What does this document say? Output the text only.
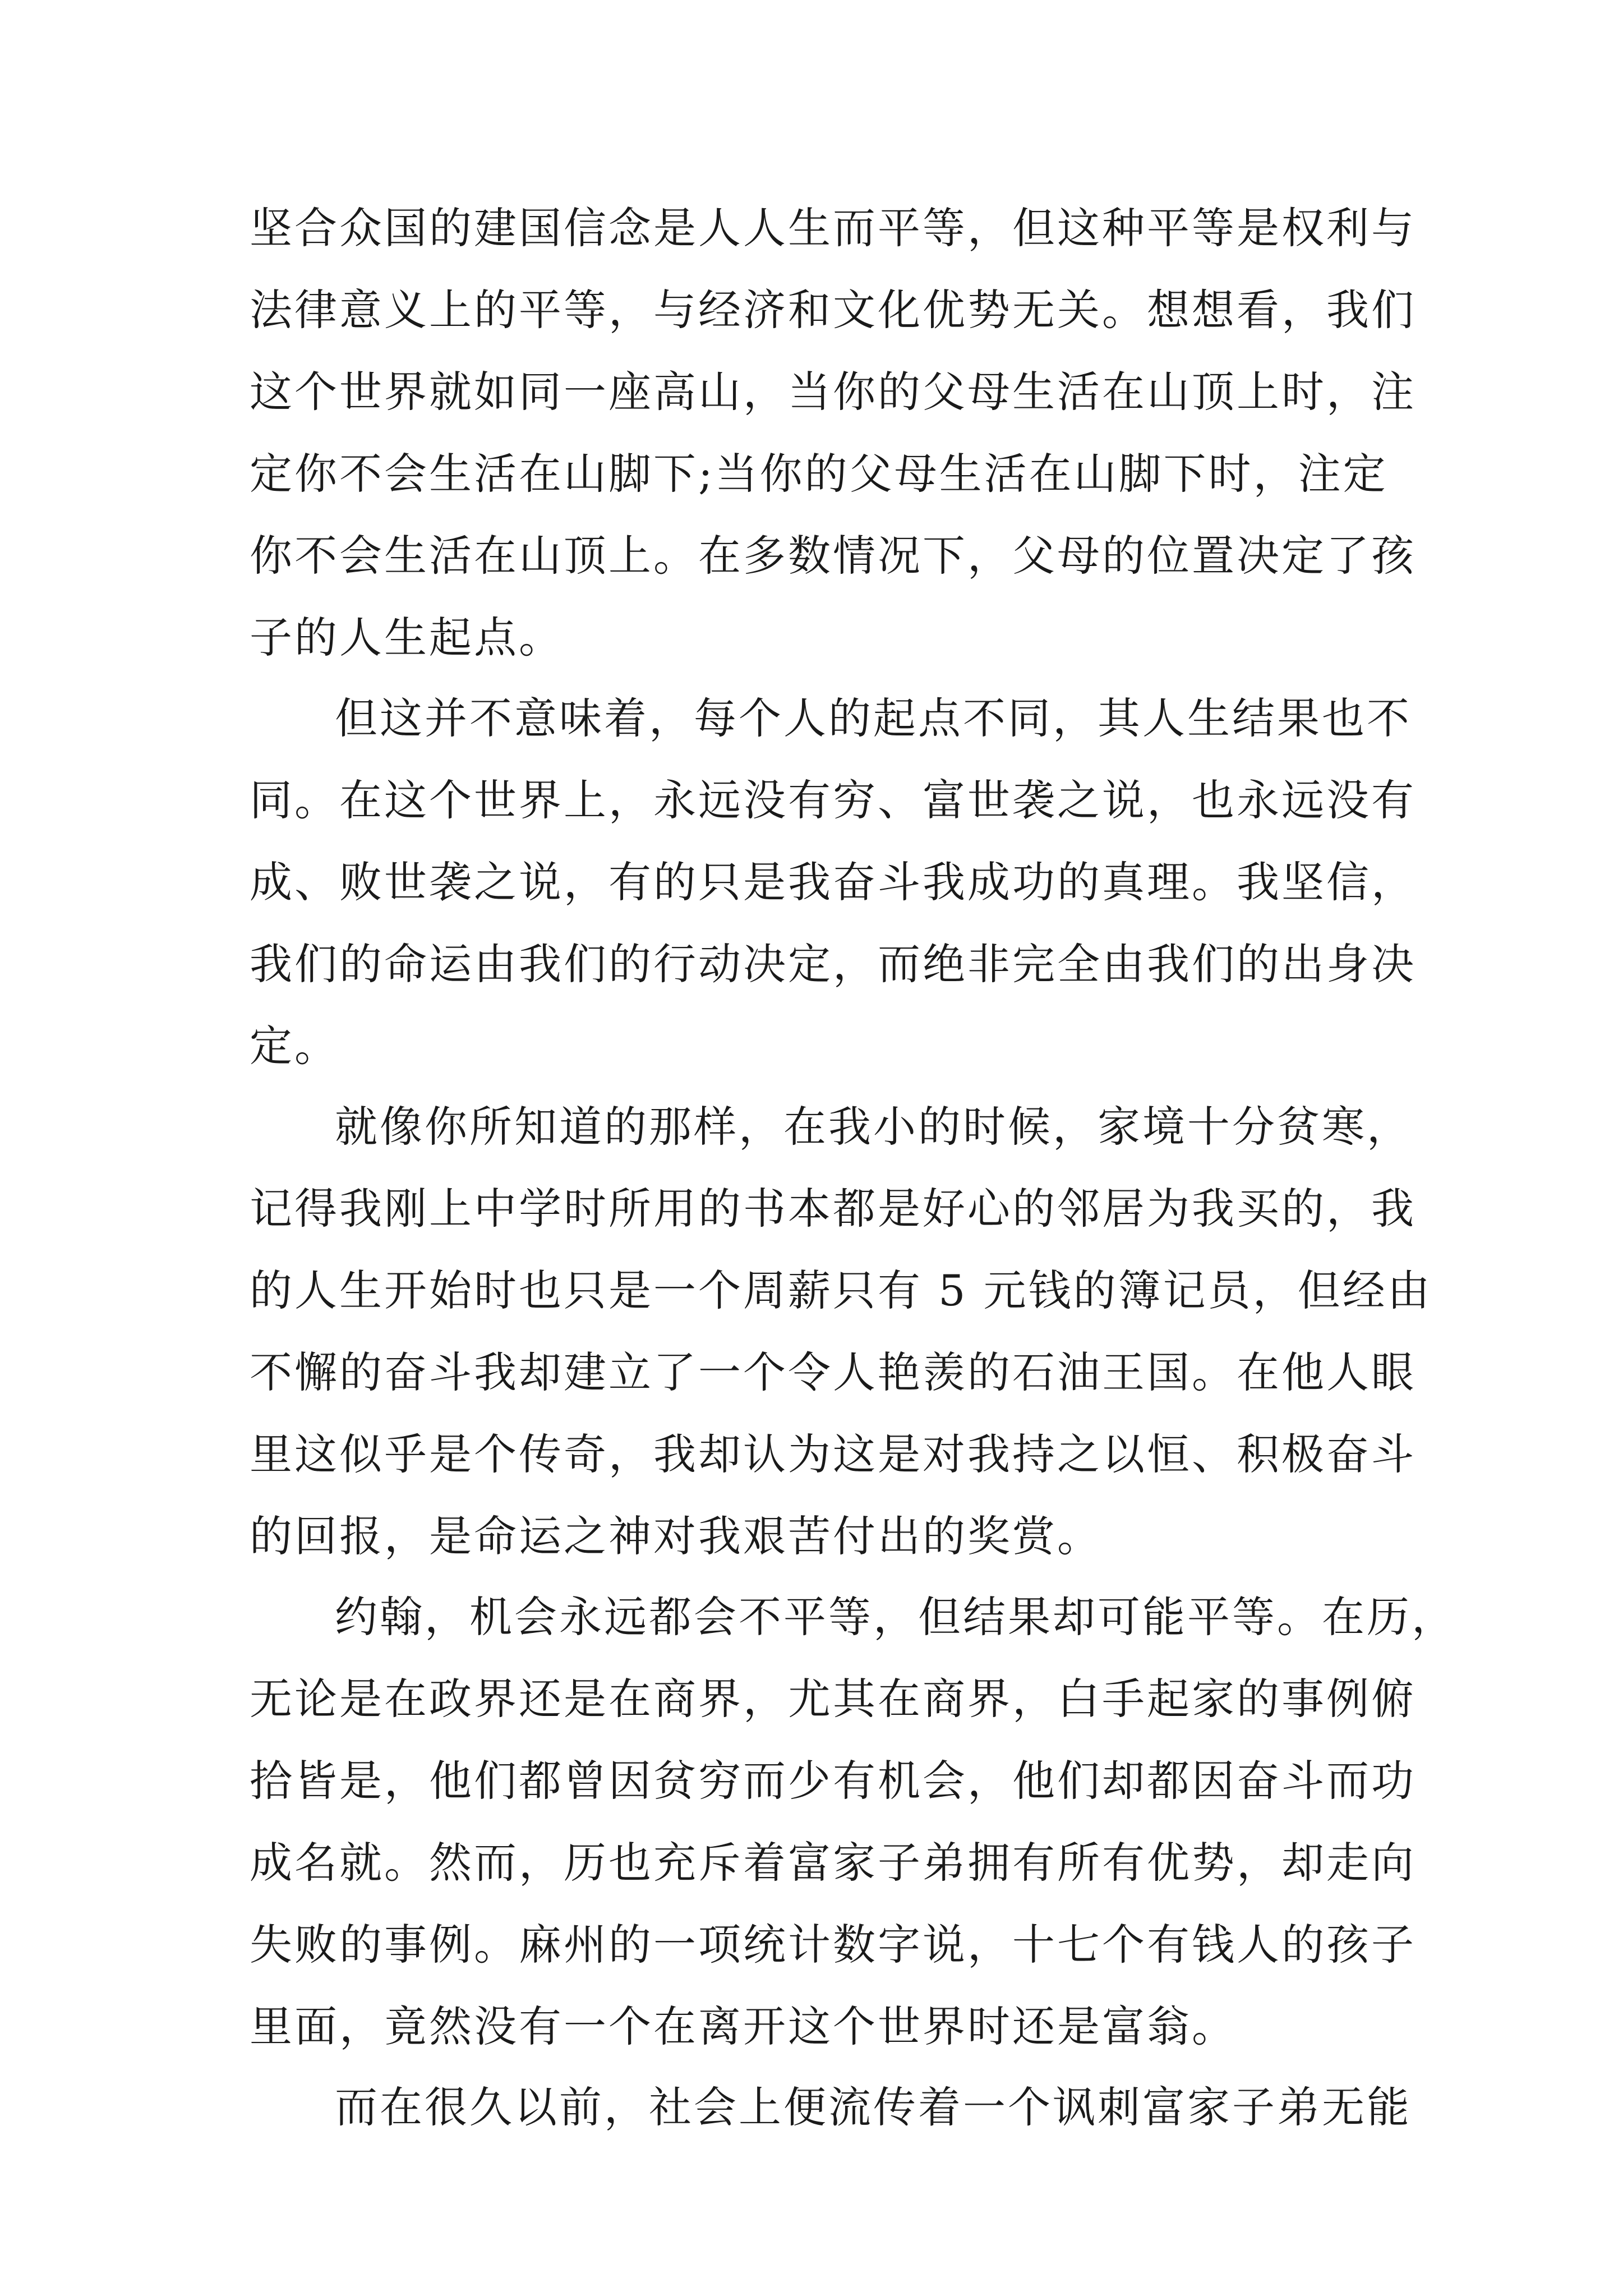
坚合众国的建国信念是人人生而平等，但这种平等是权利与
法律意义上的平等，与经济和文化优势无关。想想看，我们
这个世界就如同一座高山，当你的父母生活在山顶上时，注
定你不会生活在山脚下;当你的父母生活在山脚下时，注定
你不会生活在山顶上。在多数情况下，父母的位置决定了孩
子的人生起点。
但这并不意味着，每个人的起点不同，其人生结果也不
同。在这个世界上，永远没有穷、富世袭之说，也永远没有
成、败世袭之说，有的只是我奋斗我成功的真理。我坚信，
我们的命运由我们的行动决定，而绝非完全由我们的出身决
定。
就像你所知道的那样，在我小的时候，家境十分贫寒，
记得我刚上中学时所用的书本都是好心的邻居为我买的，我
的人生开始时也只是一个周薪只有 5 元钱的簿记员，但经由
不懈的奋斗我却建立了一个令人艳羡的石油王国。在他人眼
里这似乎是个传奇，我却认为这是对我持之以恒、积极奋斗
的回报，是命运之神对我艰苦付出的奖赏。
约翰，机会永远都会不平等，但结果却可能平等。在历，
无论是在政界还是在商界，尤其在商界，白手起家的事例俯
拾皆是，他们都曾因贫穷而少有机会，他们却都因奋斗而功
成名就。然而，历也充斥着富家子弟拥有所有优势，却走向
失败的事例。麻州的一项统计数字说，十七个有钱人的孩子
里面，竟然没有一个在离开这个世界时还是富翁。
而在很久以前，社会上便流传着一个讽刺富家子弟无能
